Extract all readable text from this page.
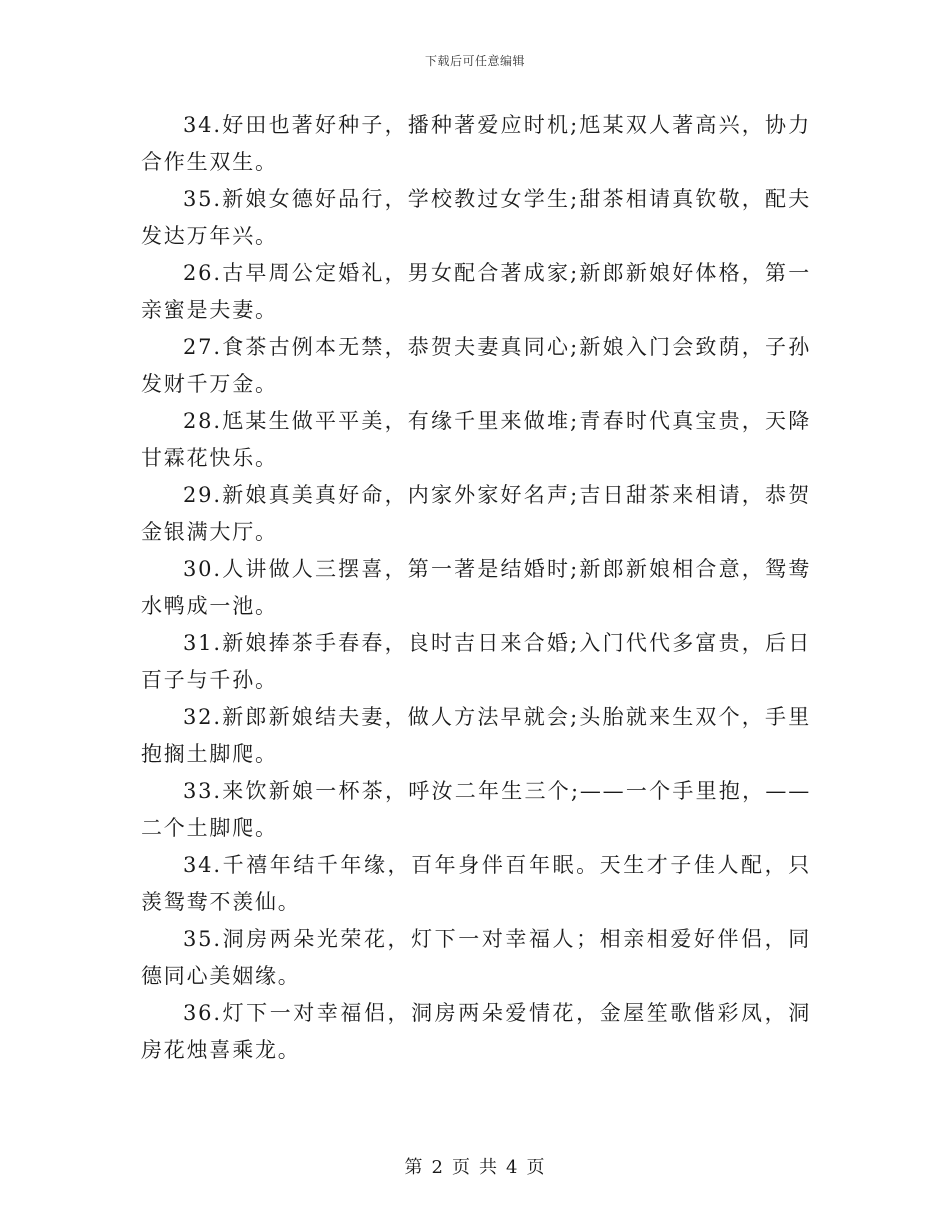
下载后可任意编辑

34.好田也著好种子，播种著爱应时机;尪某双人著高兴，协力合作生双生。

35.新娘女德好品行，学校教过女学生;甜茶相请真钦敬，配夫发达万年兴。

26.古早周公定婚礼，男女配合著成家;新郎新娘好体格，第一亲蜜是夫妻。

27.食茶古例本无禁，恭贺夫妻真同心;新娘入门会致荫，子孙发财千万金。

28.尪某生做平平美，有缘千里来做堆;青春时代真宝贵，天降甘霖花快乐。

29.新娘真美真好命，内家外家好名声;吉日甜茶来相请，恭贺金银满大厅。

30.人讲做人三摆喜，第一著是结婚时;新郎新娘相合意，鸳鸯水鸭成一池。

31.新娘捧茶手春春，良时吉日来合婚;入门代代多富贵，后日百子与千孙。

32.新郎新娘结夫妻，做人方法早就会;头胎就来生双个，手里抱搁土脚爬。

33.来饮新娘一杯茶，呼汝二年生三个;——一个手里抱，——二个土脚爬。

34.千禧年结千年缘，百年身伴百年眠。天生才子佳人配，只羡鸳鸯不羡仙。

35.洞房两朵光荣花，灯下一对幸福人；相亲相爱好伴侣，同德同心美姻缘。

36.灯下一对幸福侣，洞房两朵爱情花，金屋笙歌偕彩凤，洞房花烛喜乘龙。

第 2 页 共 4 页
